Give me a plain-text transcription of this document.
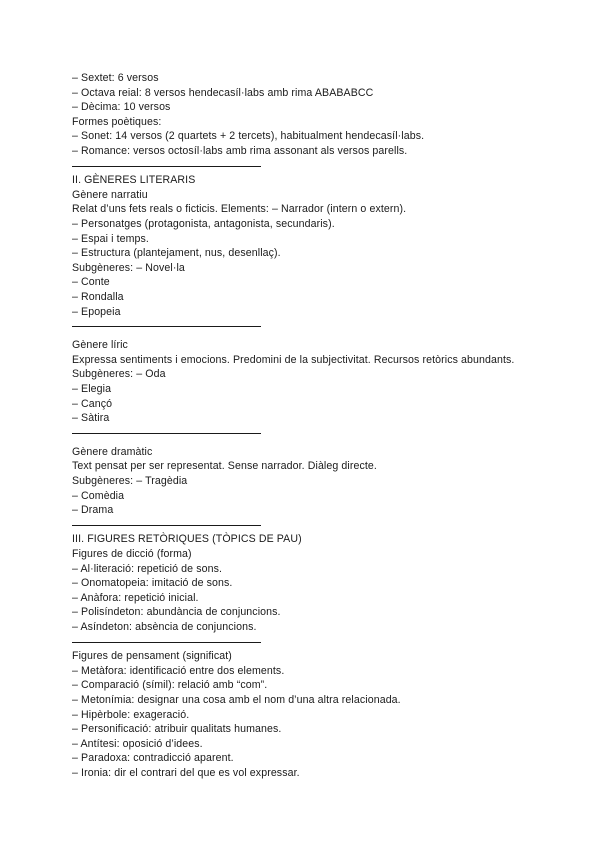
– Sextet: 6 versos
– Octava reial: 8 versos hendecasíl·labs amb rima ABABABCC
– Dècima: 10 versos
Formes poètiques:
– Sonet: 14 versos (2 quartets + 2 tercets), habitualment hendecasíl·labs.
– Romance: versos octosíl·labs amb rima assonant als versos parells.
II. GÈNERES LITERARIS
Gènere narratiu
Relat d’uns fets reals o ficticis. Elements: – Narrador (intern o extern).
– Personatges (protagonista, antagonista, secundaris).
– Espai i temps.
– Estructura (plantejament, nus, desenllaç).
Subgèneres: – Novel·la
– Conte
– Rondalla
– Epopeia
Gènere líric
Expressa sentiments i emocions. Predomini de la subjectivitat. Recursos retòrics abundants.
Subgèneres: – Oda
– Elegia
– Cançó
– Sàtira
Gènere dramàtic
Text pensat per ser representat. Sense narrador. Diàleg directe.
Subgèneres: – Tragèdia
– Comèdia
– Drama
III. FIGURES RETÒRIQUES (TÒPICS DE PAU)
Figures de dicció (forma)
– Al·literació: repetició de sons.
– Onomatopeia: imitació de sons.
– Anàfora: repetició inicial.
– Polisíndeton: abundància de conjuncions.
– Asíndeton: absència de conjuncions.
Figures de pensament (significat)
– Metàfora: identificació entre dos elements.
– Comparació (símil): relació amb “com”.
– Metonímia: designar una cosa amb el nom d’una altra relacionada.
– Hipèrbole: exageració.
– Personificació: atribuir qualitats humanes.
– Antítesi: oposició d’idees.
– Paradoxa: contradicció aparent.
– Ironia: dir el contrari del que es vol expressar.
